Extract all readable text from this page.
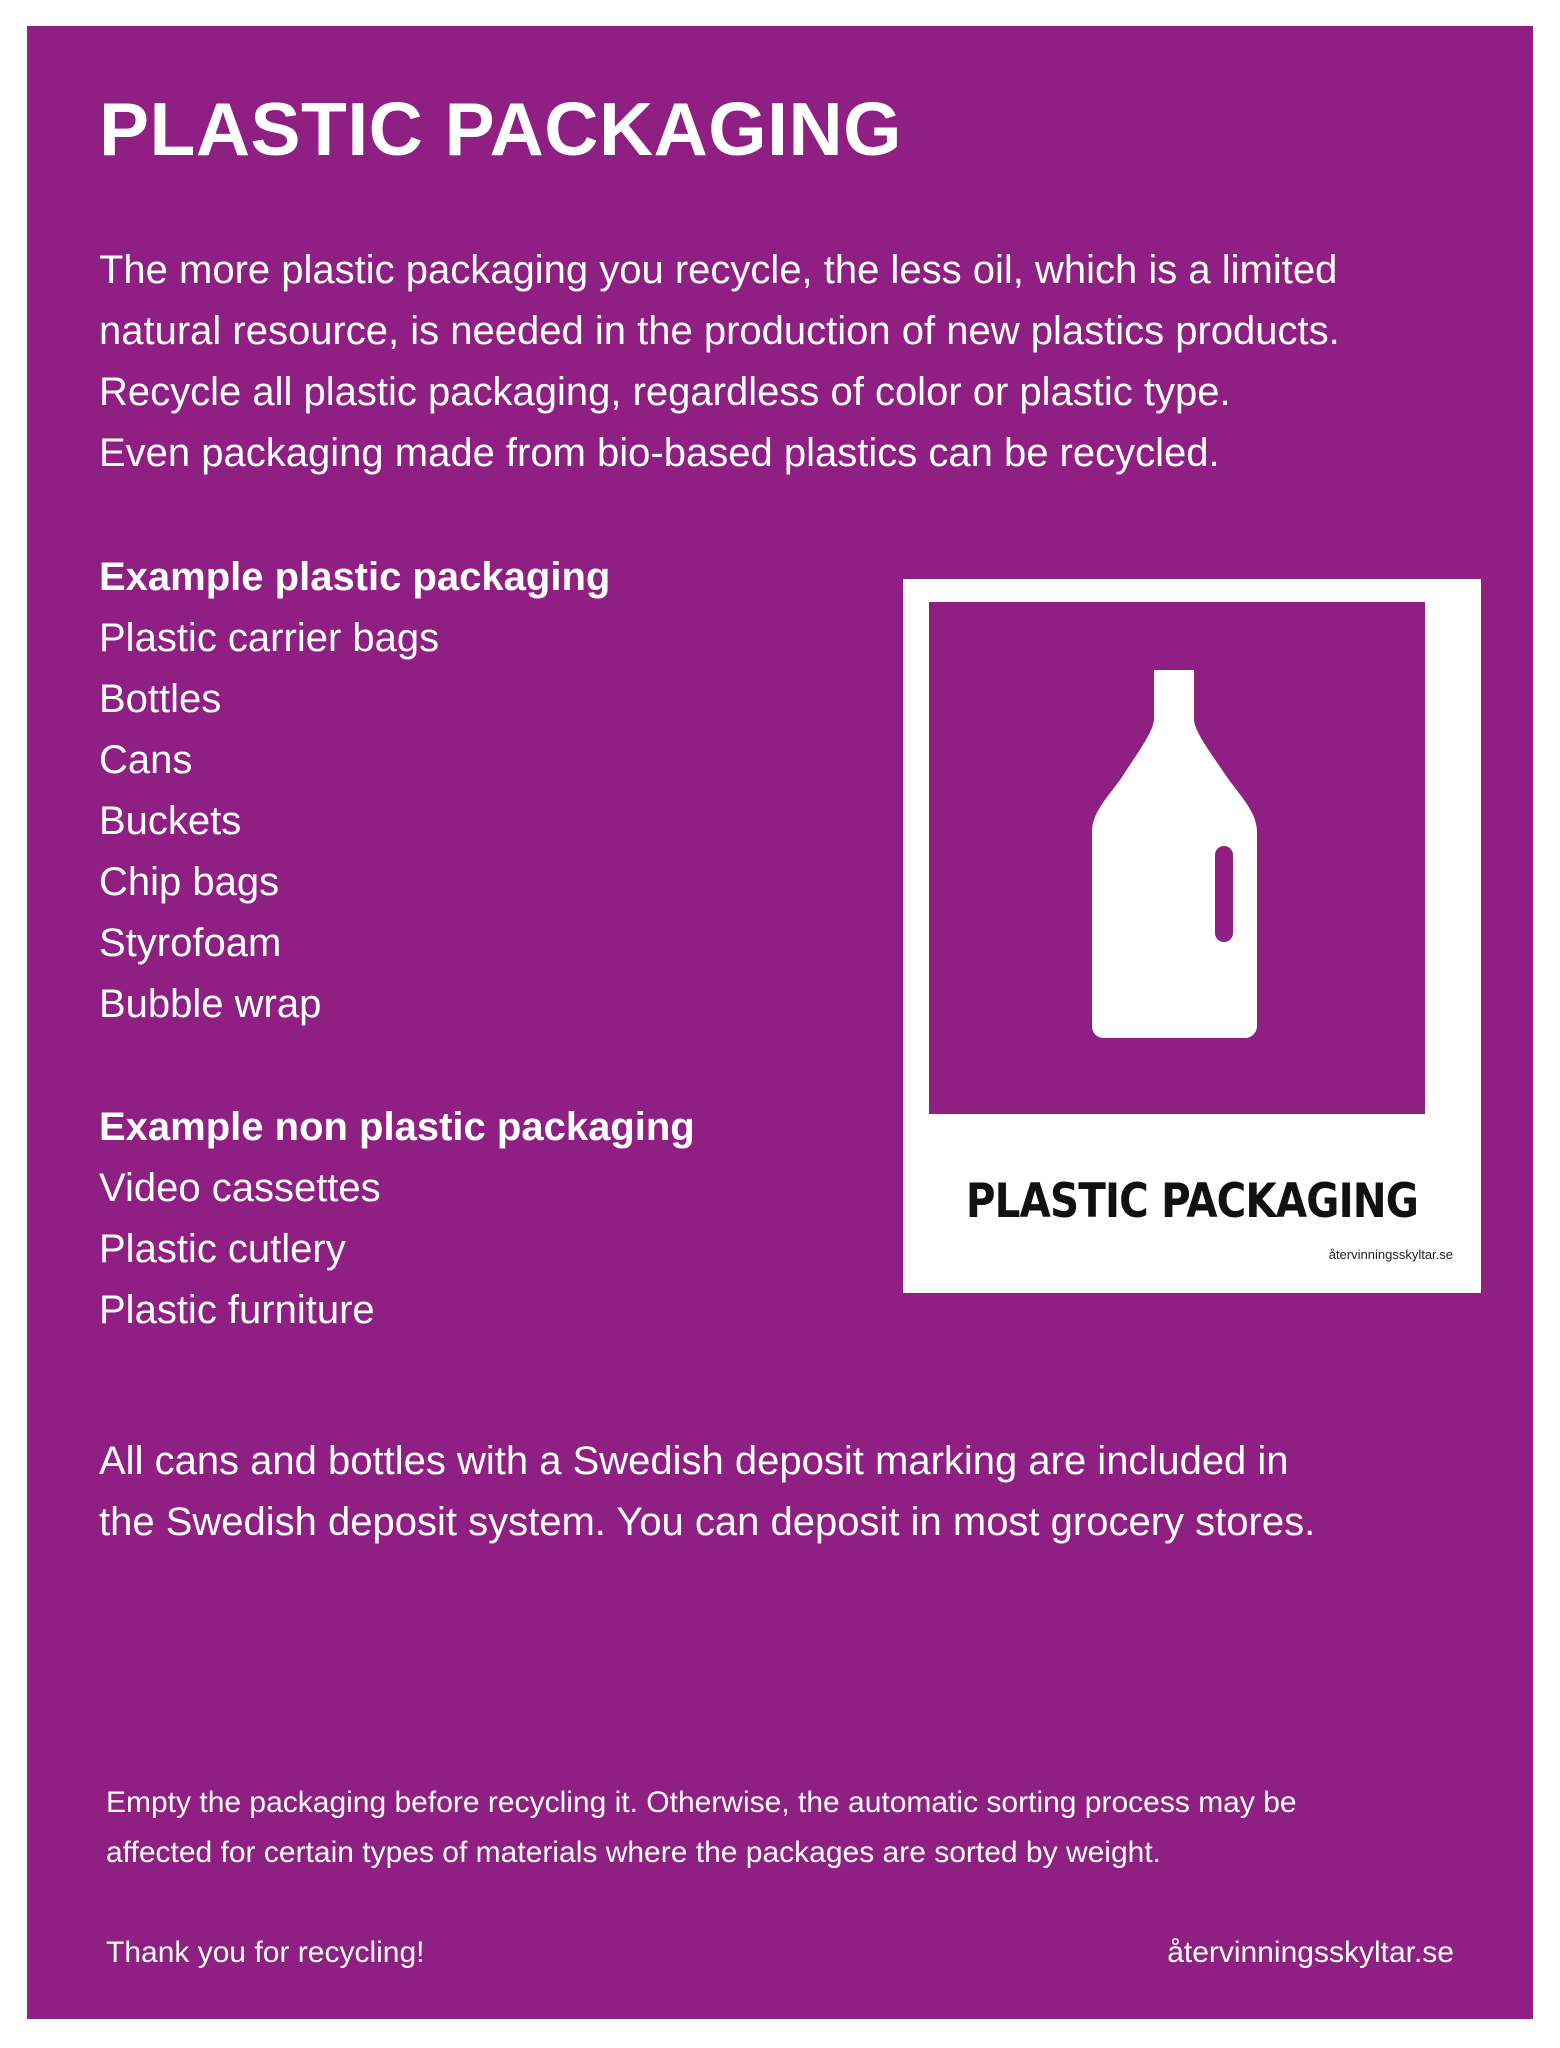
PLASTIC PACKAGING

The more plastic packaging you recycle, the less oil, which is a limited
natural resource, is needed in the production of new plastics products.
Recycle all plastic packaging, regardless of color or plastic type.
Even packaging made from bio-based plastics can be recycled.

Example plastic packaging
Plastic carrier bags
Bottles
Cans
Buckets
Chip bags
Styrofoam
Bubble wrap
Example non plastic packaging
Video cassettes
Plastic cutlery
Plastic furniture

All cans and bottles with a Swedish deposit marking are included in
the Swedish deposit system. You can deposit in most grocery stores.

Empty the packaging before recycling it. Otherwise, the automatic sorting process may be
affected for certain types of materials where the packages are sorted by weight.

Thank you for recycling!	återvinningsskyltar.se
PLASTIC PACKAGING
återvinningsskyltar.se
